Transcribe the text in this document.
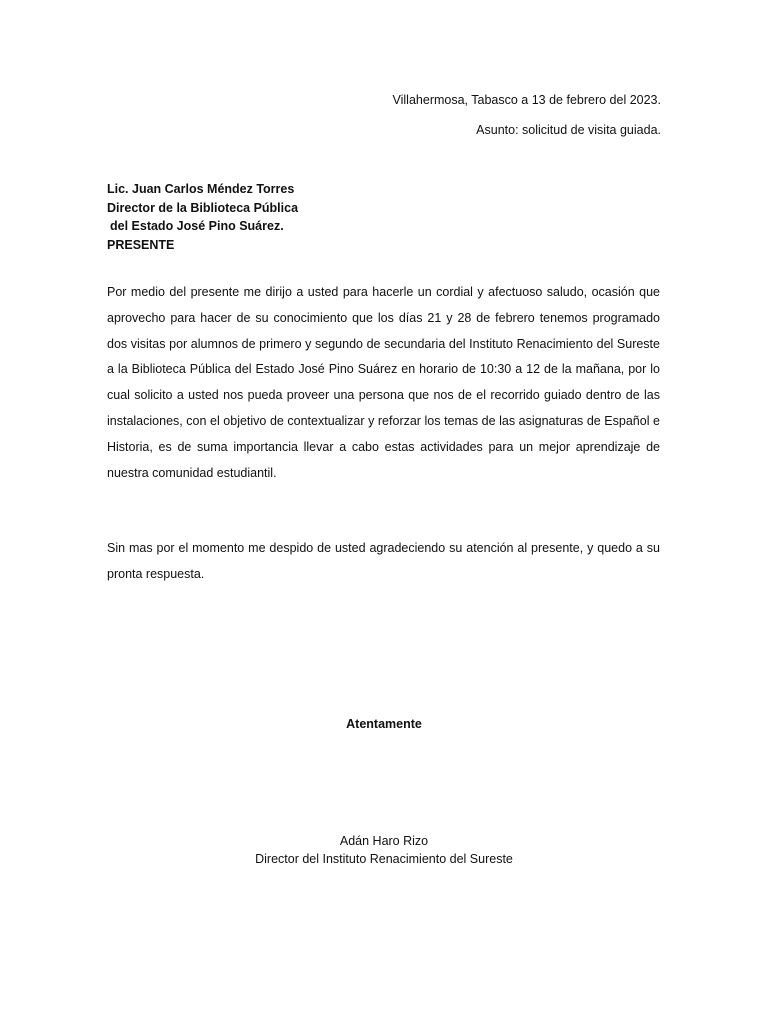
Villahermosa, Tabasco a 13 de febrero del 2023.
Asunto: solicitud de visita guiada.
Lic. Juan Carlos Méndez Torres
Director de la Biblioteca Pública
del Estado José Pino Suárez.
PRESENTE

Por medio del presente me dirijo a usted para hacerle un cordial y afectuoso saludo, ocasión que aprovecho para hacer de su conocimiento que los días 21 y 28 de febrero tenemos programado dos visitas por alumnos de primero y segundo de secundaria del Instituto Renacimiento del Sureste a la Biblioteca Pública del Estado José Pino Suárez en horario de 10:30 a 12 de la mañana, por lo cual solicito a usted nos pueda proveer una persona que nos de el recorrido guiado dentro de las instalaciones, con el objetivo de contextualizar y reforzar los temas de las asignaturas de Español e Historia, es de suma importancia llevar a cabo estas actividades para un mejor aprendizaje de nuestra comunidad estudiantil.

Sin mas por el momento me despido de usted agradeciendo su atención al presente, y quedo a su pronta respuesta.

Atentamente
Adán Haro Rizo
Director del Instituto Renacimiento del Sureste
